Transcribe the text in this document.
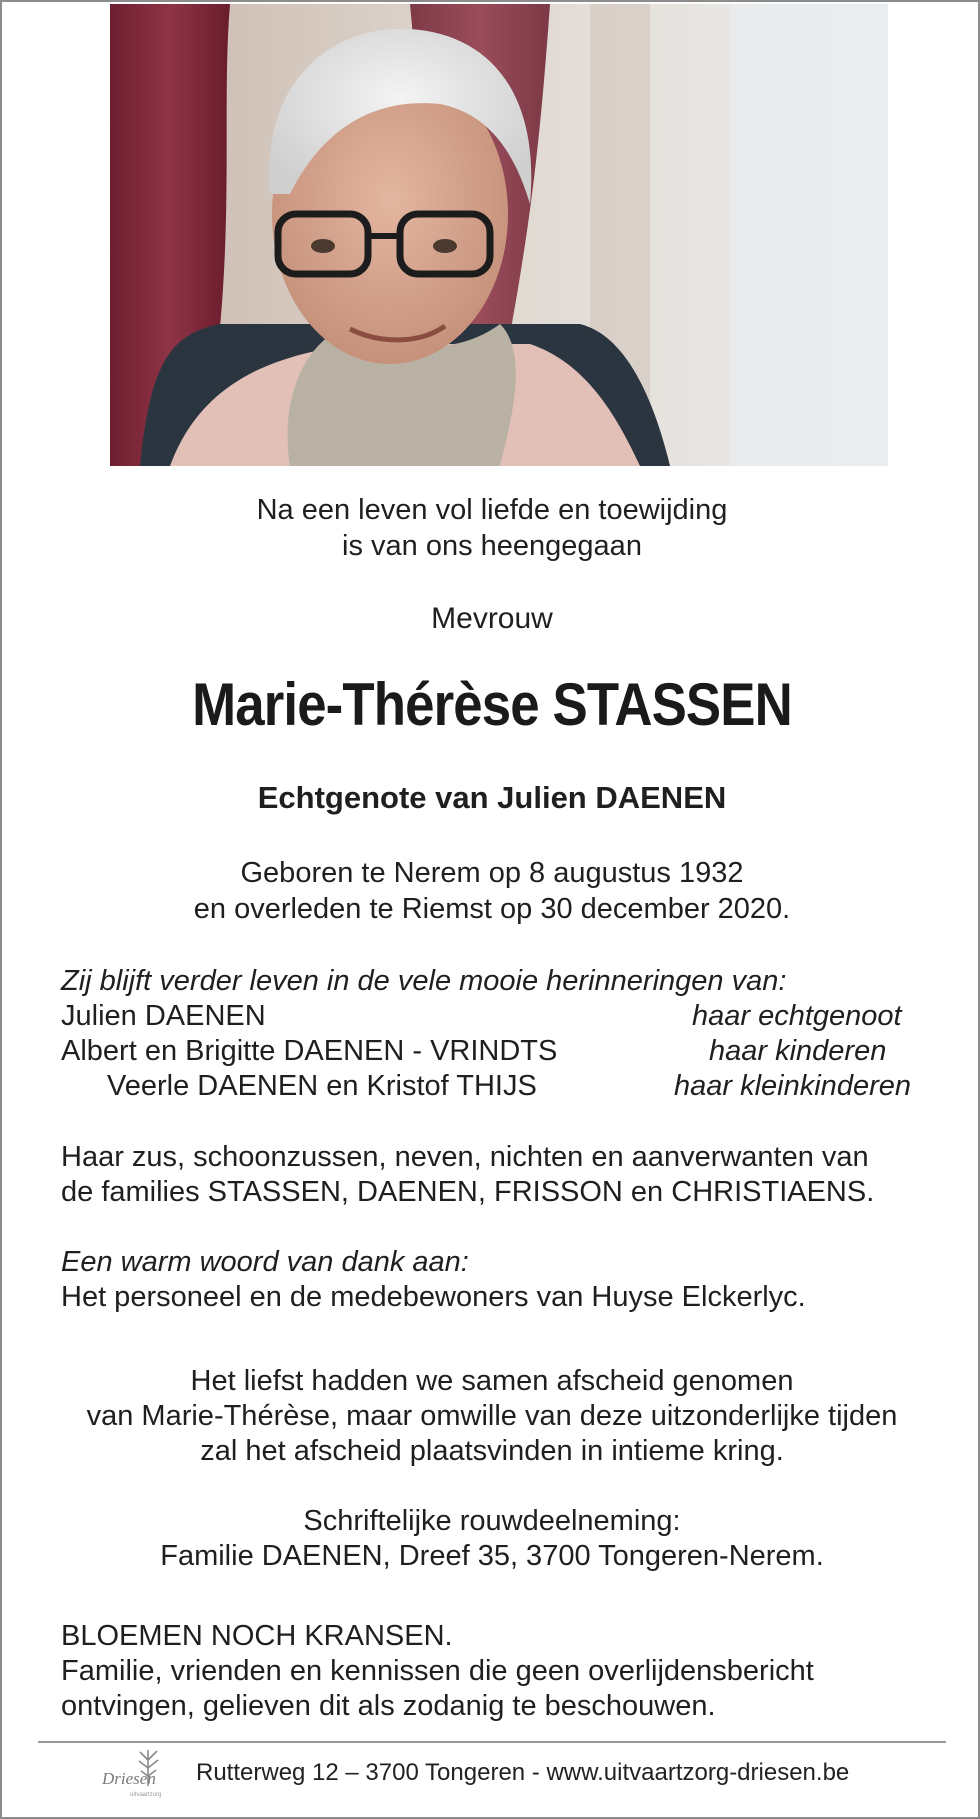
Na een leven vol liefde en toewijding
is van ons heengegaan
Mevrouw
Marie-Thérèse STASSEN
Echtgenote van Julien DAENEN
Geboren te Nerem op 8 augustus 1932
en overleden te Riemst op 30 december 2020.
Zij blijft verder leven in de vele mooie herinneringen van:
Julien DAENEN	haar echtgenoot
Albert en Brigitte DAENEN - VRINDTS	haar kinderen
Veerle DAENEN en Kristof THIJS	haar kleinkinderen
Haar zus, schoonzussen, neven, nichten en aanverwanten van
de families STASSEN, DAENEN, FRISSON en CHRISTIAENS.
Een warm woord van dank aan:
Het personeel en de medebewoners van Huyse Elckerlyc.
Het liefst hadden we samen afscheid genomen
van Marie-Thérèse, maar omwille van deze uitzonderlijke tijden
zal het afscheid plaatsvinden in intieme kring.
Schriftelijke rouwdeelneming:
Familie DAENEN, Dreef 35, 3700 Tongeren-Nerem.
BLOEMEN NOCH KRANSEN.
Familie, vrienden en kennissen die geen overlijdensbericht
ontvingen, gelieven dit als zodanig te beschouwen.
Driesen
uitvaartzorg
Rutterweg 12 – 3700 Tongeren - www.uitvaartzorg-driesen.be
